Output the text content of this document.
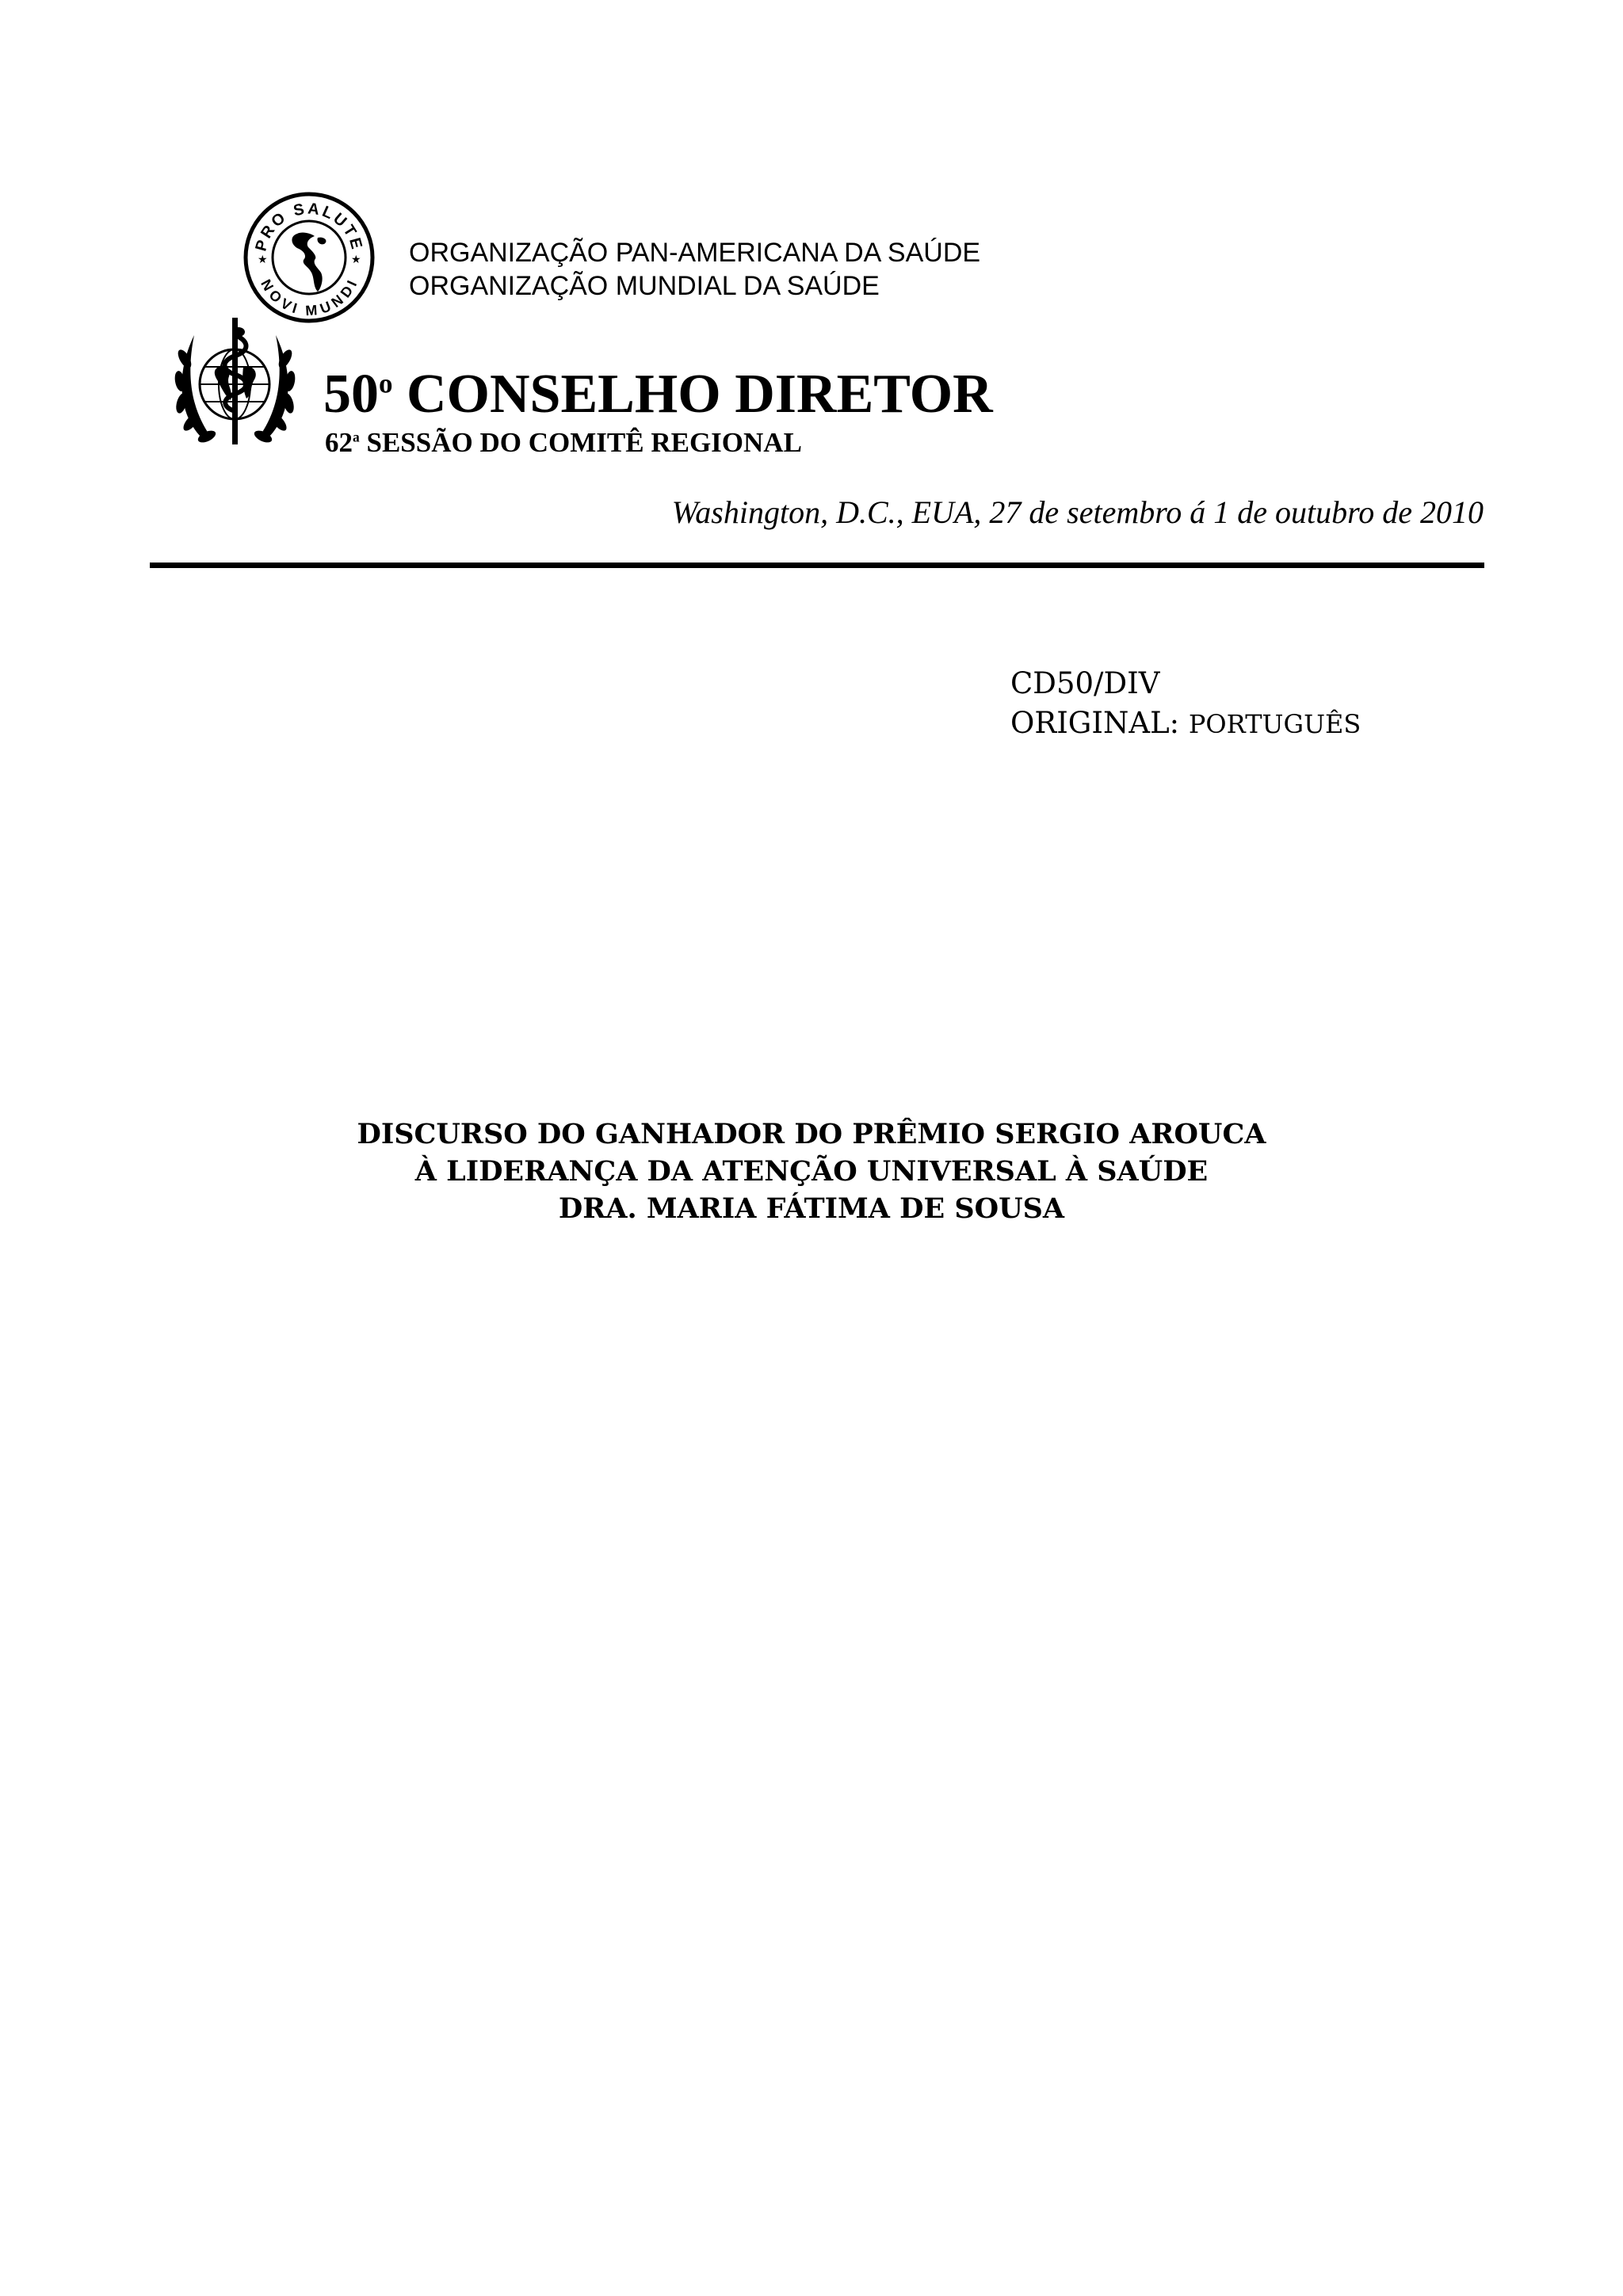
PRO SALUTE
NOVI MUNDI
★	★ ORGANIZAÇÃO PAN-AMERICANA DA SAÚDE
ORGANIZAÇÃO MUNDIAL DA SAÚDE
50$^o$ CONSELHO DIRETOR
62$^a$ SESSÃO DO COMITÊ REGIONAL
Washington, D.C., EUA, 27 de setembro á 1 de outubro de 2010
CD50/DIV
ORIGINAL: PORTUGUÊS
DISCURSO DO GANHADOR DO PRÊMIO SERGIO AROUCA
À LIDERANÇA DA ATENÇÃO UNIVERSAL À SAÚDE
DRA. MARIA FÁTIMA DE SOUSA
